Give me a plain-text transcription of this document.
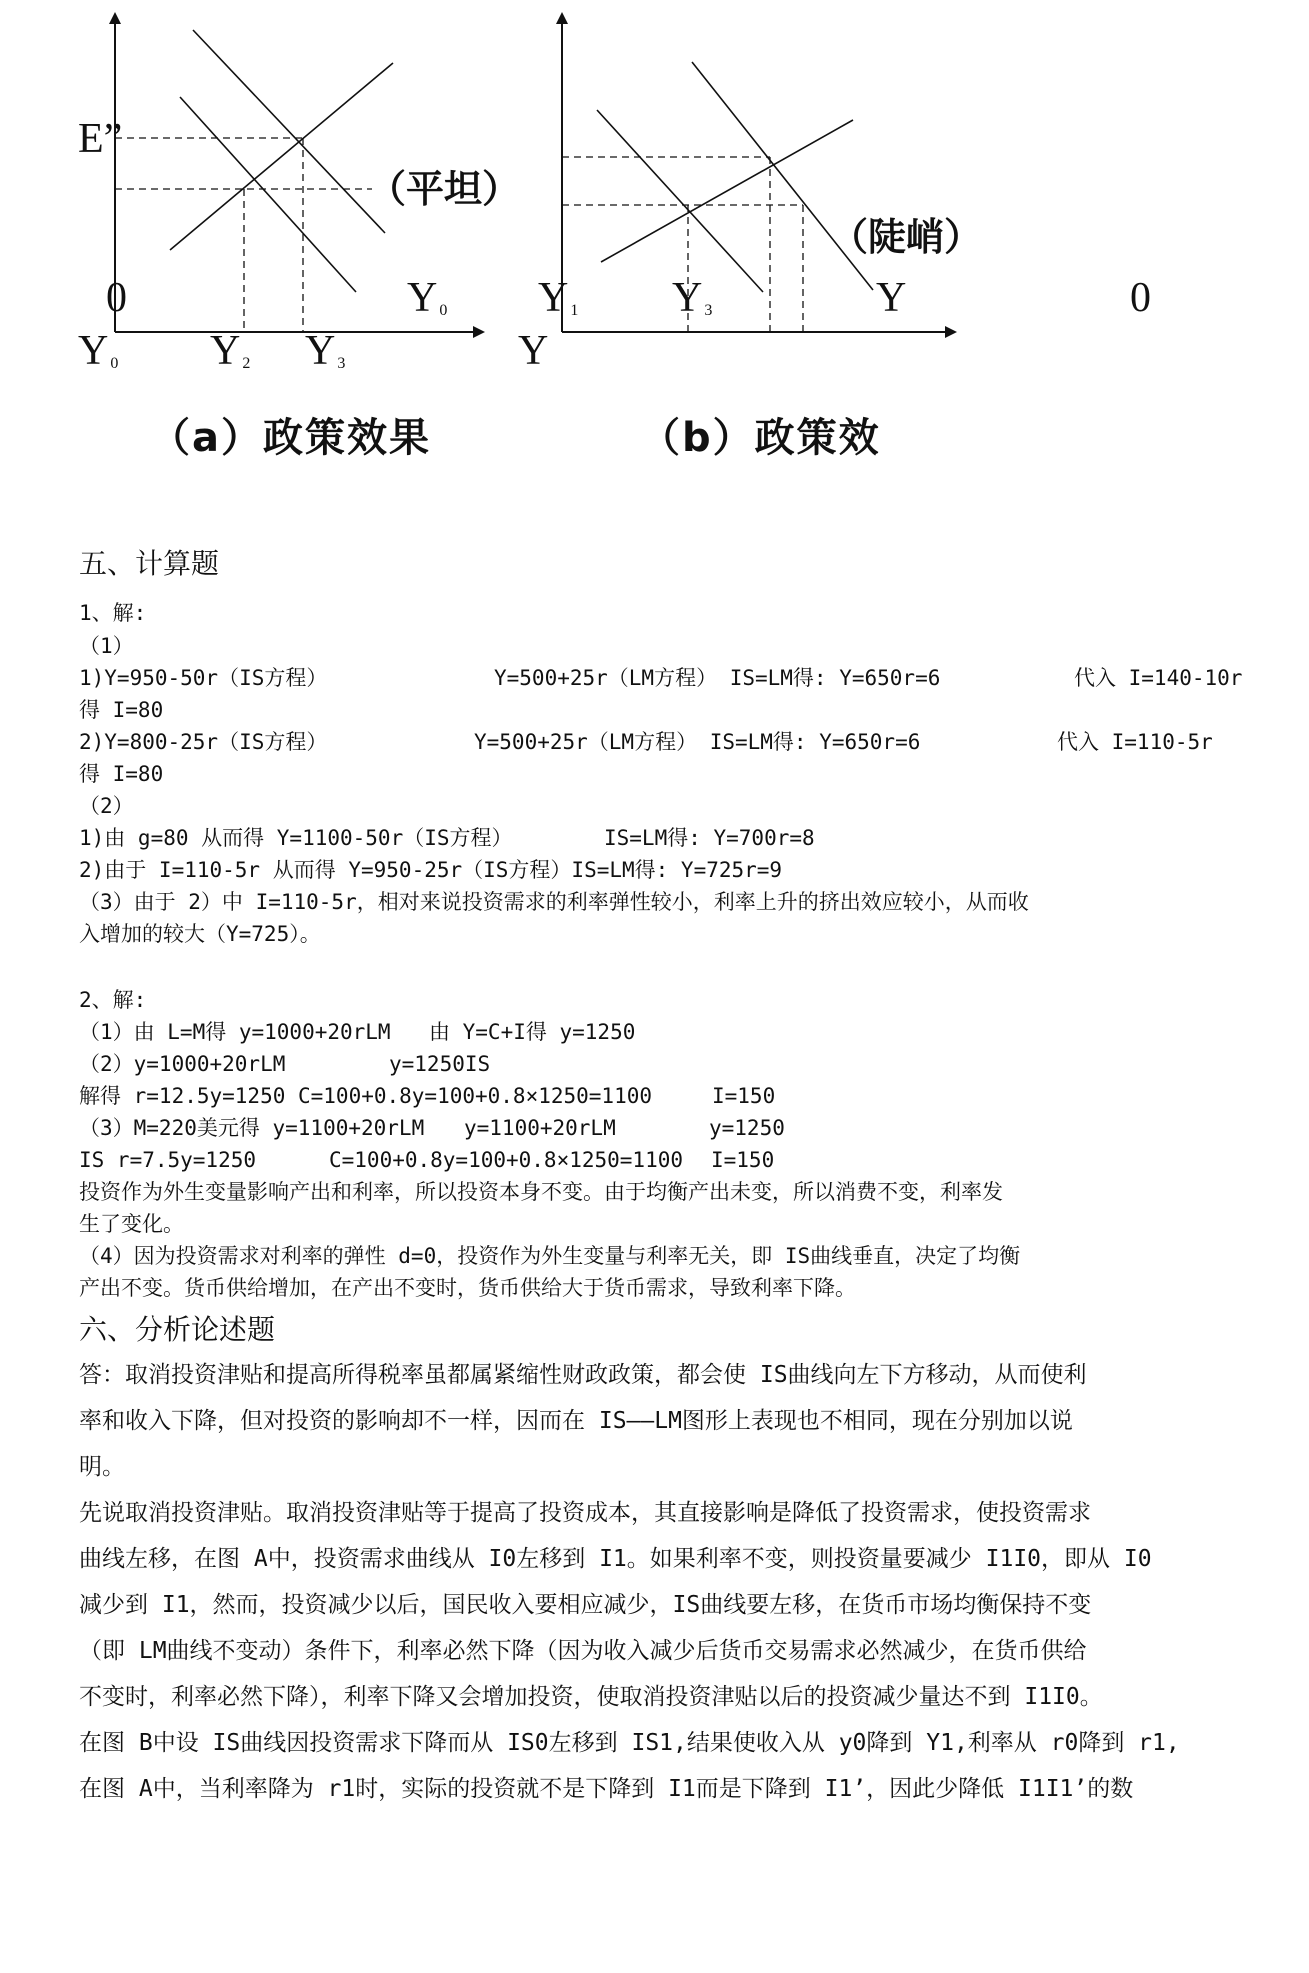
E”
（平坦）
0	Y $_0$
Y $_0$ Y $_2$ Y $_3$
（a）政策效果
（陡峭）
Y $_1$ Y $_3$	Y	0
Y
（b）政策效
五、计算题
1、解:
（1）
1)Y=950-50r（IS方程）	Y=500+25r（LM方程） IS=LM得: Y=650r=6	代入 I=140-10r
得 I=80
2)Y=800-25r（IS方程）	Y=500+25r（LM方程） IS=LM得: Y=650r=6	代入 I=110-5r
得 I=80
（2）
1)由 g=80 从而得 Y=1100-50r（IS方程）	IS=LM得: Y=700r=8
2)由于 I=110-5r 从而得 Y=950-25r（IS方程）IS=LM得: Y=725r=9
（3）由于 2）中 I=110-5r，相对来说投资需求的利率弹性较小，利率上升的挤出效应较小，从而收
入增加的较大（Y=725）。
2、解:
（1）由 L=M得 y=1000+20rLM 由 Y=C+I得 y=1250
（2）y=1000+20rLM	y=1250IS
解得 r=12.5y=1250 C=100+0.8y=100+0.8×1250=1100	I=150
（3）M=220美元得 y=1100+20rLM y=1100+20rLM	y=1250
IS r=7.5y=1250	C=100+0.8y=100+0.8×1250=1100 I=150
投资作为外生变量影响产出和利率，所以投资本身不变。由于均衡产出未变，所以消费不变，利率发
生了变化。
（4）因为投资需求对利率的弹性 d=0，投资作为外生变量与利率无关，即 IS曲线垂直，决定了均衡
产出不变。货币供给增加，在产出不变时，货币供给大于货币需求，导致利率下降。
六、分析论述题
答：取消投资津贴和提高所得税率虽都属紧缩性财政政策，都会使 IS曲线向左下方移动，从而使利
率和收入下降，但对投资的影响却不一样，因而在 IS——LM图形上表现也不相同，现在分别加以说
明。
先说取消投资津贴。取消投资津贴等于提高了投资成本，其直接影响是降低了投资需求，使投资需求
曲线左移，在图 A中，投资需求曲线从 I0左移到 I1。如果利率不变，则投资量要减少 I1I0，即从 I0
减少到 I1，然而，投资减少以后，国民收入要相应减少，IS曲线要左移，在货币市场均衡保持不变
（即 LM曲线不变动）条件下，利率必然下降（因为收入减少后货币交易需求必然减少，在货币供给
不变时，利率必然下降），利率下降又会增加投资，使取消投资津贴以后的投资减少量达不到 I1I0。
在图 B中设 IS曲线因投资需求下降而从 IS0左移到 IS1,结果使收入从 y0降到 Y1,利率从 r0降到 r1,
在图 A中，当利率降为 r1时，实际的投资就不是下降到 I1而是下降到 I1’，因此少降低 I1I1’的数
